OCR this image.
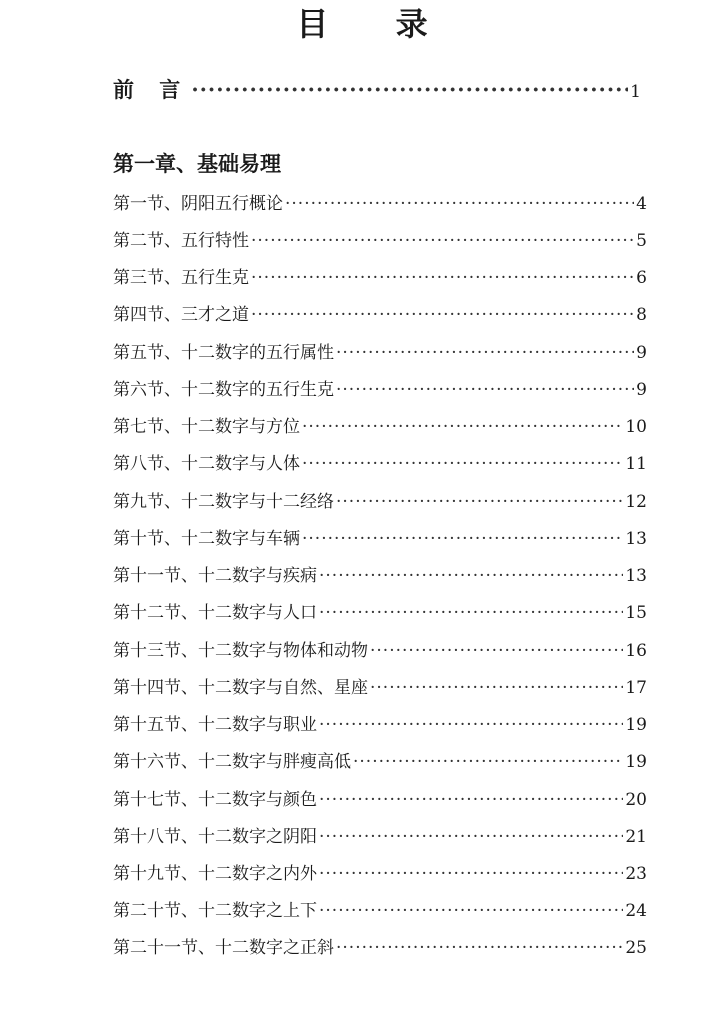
目 录
前 言 ·····	1
第一章、基础易理
第一节、阴阳五行概论 ·····	4
第二节、五行特性 ·····	5
第三节、五行生克 ·····	6
第四节、三才之道 ·····	8
第五节、十二数字的五行属性 ·····	9
第六节、十二数字的五行生克 ·····	9
第七节、十二数字与方位 ·····	10
第八节、十二数字与人体 ·····	11
第九节、十二数字与十二经络 ·····	12
第十节、十二数字与车辆 ·····	13
第十一节、十二数字与疾病 ·····	13
第十二节、十二数字与人口 ·····	15
第十三节、十二数字与物体和动物 ·····	16
第十四节、十二数字与自然、星座 ·····	17
第十五节、十二数字与职业 ·····	19
第十六节、十二数字与胖瘦高低 ·····	19
第十七节、十二数字与颜色 ·····	20
第十八节、十二数字之阴阳 ·····	21
第十九节、十二数字之内外 ·····	23
第二十节、十二数字之上下 ·····	24
第二十一节、十二数字之正斜 ·····	25
